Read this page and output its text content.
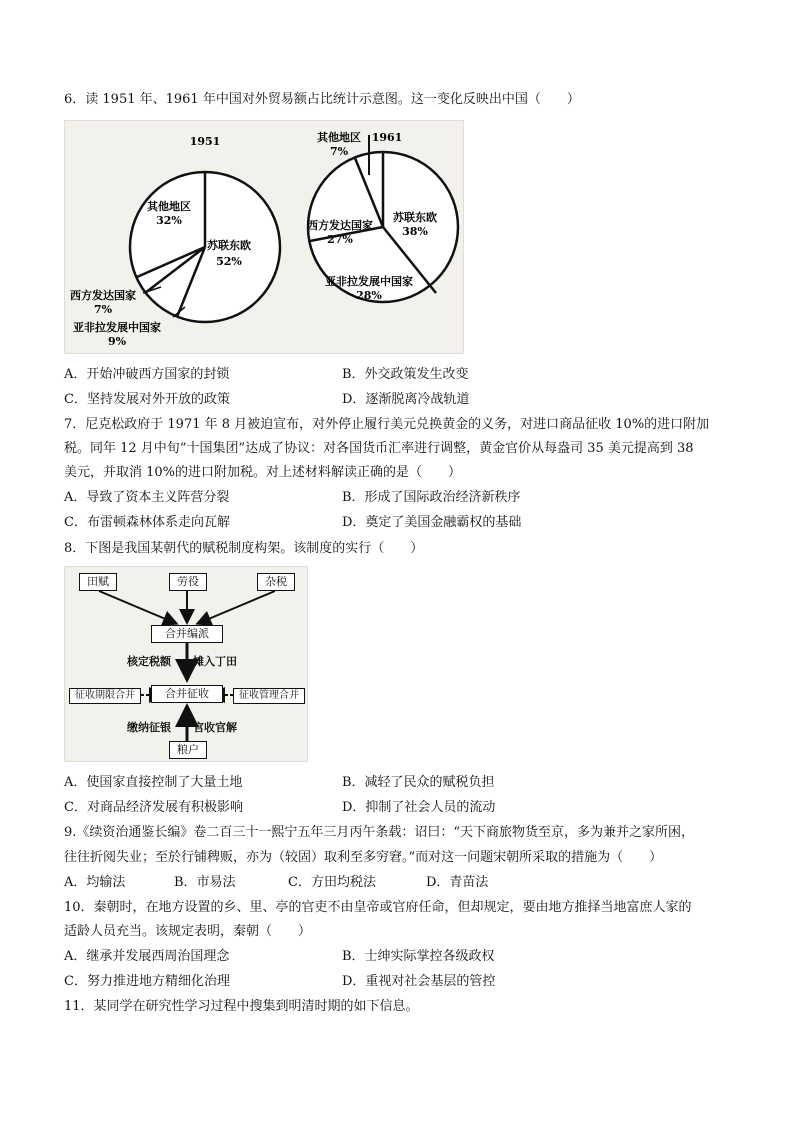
6．读 1951 年、1961 年中国对外贸易额占比统计示意图。这一变化反映出中国（　　）
1951
其他地区
32%
苏联东欧
52%
西方发达国家
7%
亚非拉发展中国家
9%
其他地区
7%
1961
苏联东欧
38%
西方发达国家
27%
亚非拉发展中国家
28%
A．开始冲破西方国家的封锁	B．外交政策发生改变
C．坚持发展对外开放的政策	D．逐渐脱离冷战轨道
7．尼克松政府于 1971 年 8 月被迫宣布，对外停止履行美元兑换黄金的义务，对进口商品征收 10%的进口附加
税。同年 12 月中旬“十国集团”达成了协议：对各国货币汇率进行调整，黄金官价从每盎司 35 美元提高到 38
美元，并取消 10%的进口附加税。对上述材料解读正确的是（　　）
A．导致了资本主义阵营分裂	B．形成了国际政治经济新秩序
C．布雷顿森林体系走向瓦解	D．奠定了美国金融霸权的基础
8．下图是我国某朝代的赋税制度构架。该制度的实行（　　）
田赋	劳役	杂税
合并编派
核定税额 摊入丁田
合并征收
征收期限合并	征收管理合并
缴纳征银 官收官解
粮户
A．使国家直接控制了大量土地	B．减轻了民众的赋税负担
C．对商品经济发展有积极影响	D．抑制了社会人员的流动
9.《续资治通鉴长编》卷二百三十一熙宁五年三月丙午条载：诏曰：“天下商旅物货至京，多为兼并之家所困，
往往折阅失业；至於行铺稗贩，亦为（较固）取利至多穷窘。”而对这一问题宋朝所采取的措施为（　　）
A．均输法	B．市易法	C．方田均税法	D．青苗法
10．秦朝时，在地方设置的乡、里、亭的官吏不由皇帝或官府任命，但却规定，要由地方推择当地富庶人家的
适龄人员充当。该规定表明，秦朝（　　）
A．继承并发展西周治国理念	B．士绅实际掌控各级政权
C．努力推进地方精细化治理	D．重视对社会基层的管控
11．某同学在研究性学习过程中搜集到明清时期的如下信息。
